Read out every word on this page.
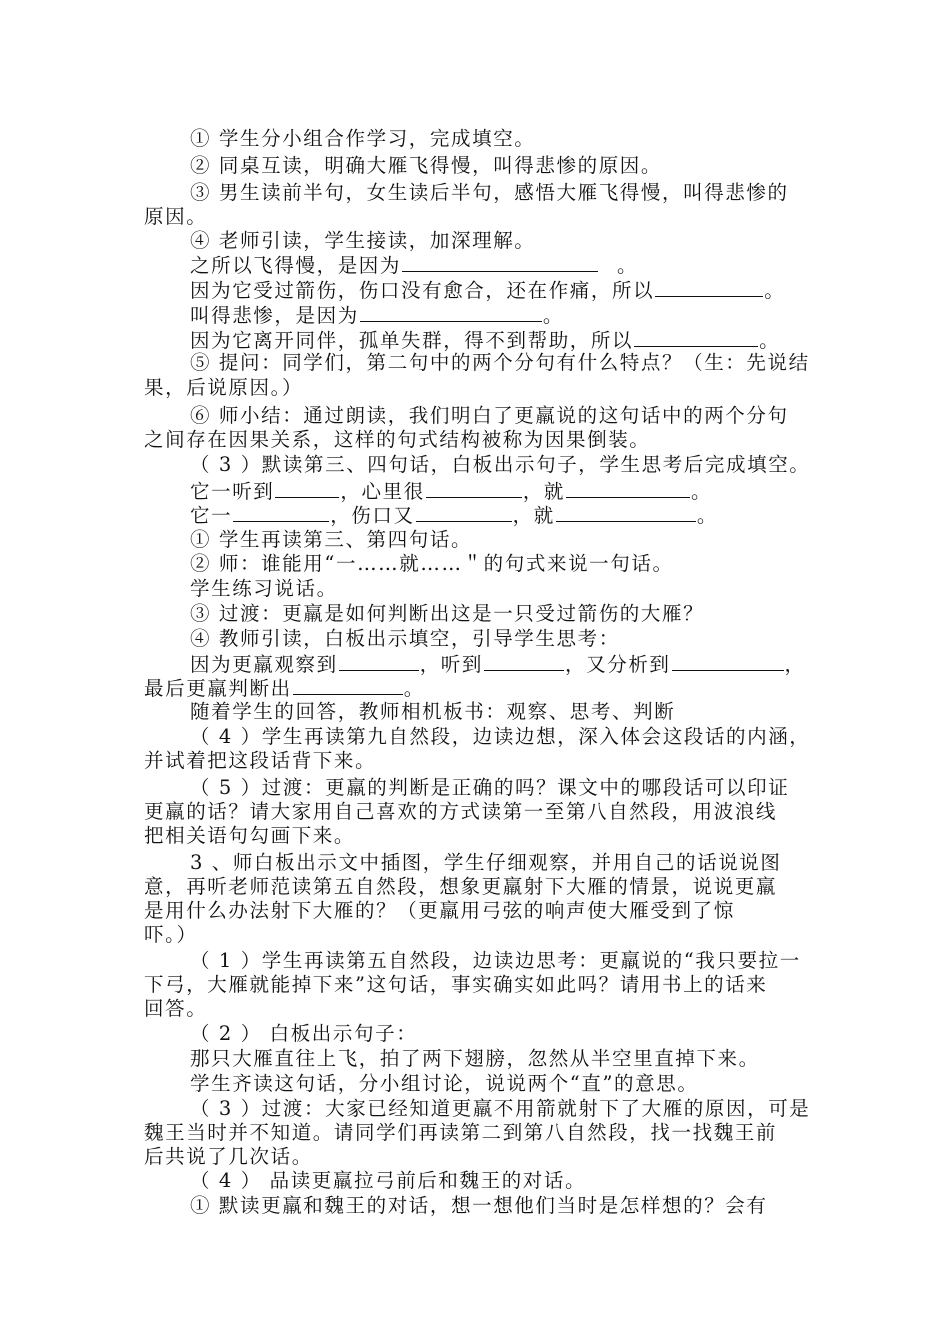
① 学生分小组合作学习，完成填空。
② 同桌互读，明确大雁飞得慢，叫得悲惨的原因。
③ 男生读前半句，女生读后半句，感悟大雁飞得慢，叫得悲惨的
原因。
④ 老师引读，学生接读，加深理解。
之所以飞得慢，是因为	。
因为它受过箭伤，伤口没有愈合，还在作痛，所以	。
叫得悲惨，是因为	。
因为它离开同伴，孤单失群，得不到帮助，所以	。
⑤ 提问：同学们，第二句中的两个分句有什么特点？（生：先说结
果，后说原因。）
⑥ 师小结：通过朗读，我们明白了更羸说的这句话中的两个分句
之间存在因果关系，这样的句式结构被称为因果倒装。
（ 3 ）默读第三、四句话，白板出示句子，学生思考后完成填空。
它一听到	，心里很	，就	。
它一	，伤口又	，就	。
① 学生再读第三、第四句话。
② 师：谁能用“一……就……＂的句式来说一句话。
学生练习说话。
③ 过渡：更羸是如何判断出这是一只受过箭伤的大雁？
④ 教师引读，白板出示填空，引导学生思考：
因为更羸观察到	，听到	，又分析到	，
最后更羸判断出	。
随着学生的回答，教师相机板书：观察、思考、判断
（ 4 ）学生再读第九自然段，边读边想，深入体会这段话的内涵，
并试着把这段话背下来。
（ 5 ）过渡：更羸的判断是正确的吗？课文中的哪段话可以印证
更羸的话？请大家用自己喜欢的方式读第一至第八自然段，用波浪线
把相关语句勾画下来。
3 、师白板出示文中插图，学生仔细观察，并用自己的话说说图
意，再听老师范读第五自然段，想象更羸射下大雁的情景，说说更羸
是用什么办法射下大雁的？（更羸用弓弦的响声使大雁受到了惊
吓。）
（ 1 ）学生再读第五自然段，边读边思考：更羸说的“我只要拉一
下弓，大雁就能掉下来”这句话，事实确实如此吗？请用书上的话来
回答。
（ 2 ） 白板出示句子：
那只大雁直往上飞，拍了两下翅膀，忽然从半空里直掉下来。
学生齐读这句话，分小组讨论，说说两个“直”的意思。
（ 3 ）过渡：大家已经知道更羸不用箭就射下了大雁的原因，可是
魏王当时并不知道。请同学们再读第二到第八自然段，找一找魏王前
后共说了几次话。
（ 4 ） 品读更羸拉弓前后和魏王的对话。
① 默读更羸和魏王的对话，想一想他们当时是怎样想的？会有
